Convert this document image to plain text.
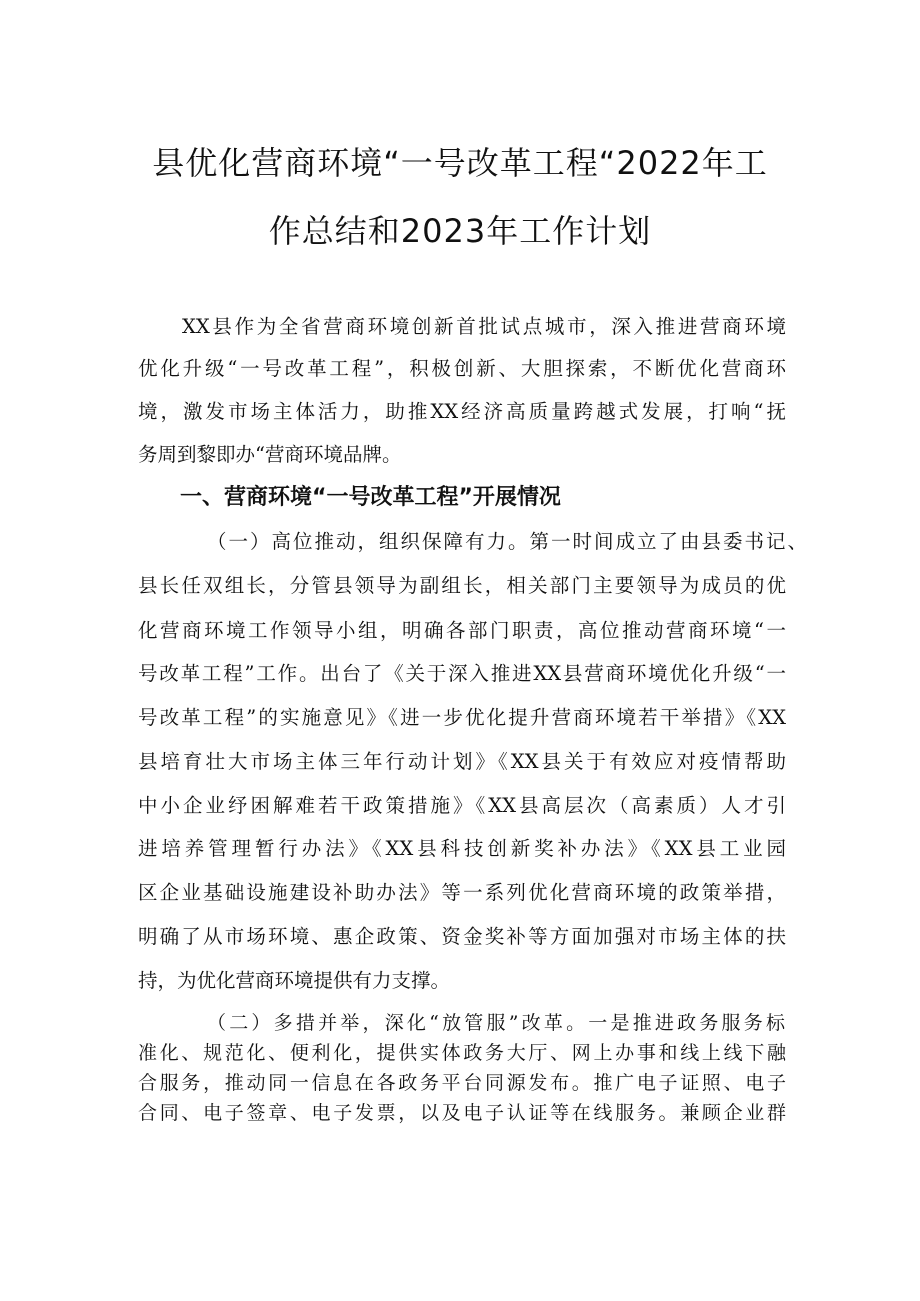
县优化营商环境“一号改革工程“2022年工
作总结和2023年工作计划
XX县作为全省营商环境创新首批试点城市，深入推进营商环境
优化升级“一号改革工程”，积极创新、大胆探索，不断优化营商环
境，激发市场主体活力，助推XX经济高质量跨越式发展，打响“抚
务周到黎即办“营商环境品牌。
一、营商环境“一号改革工程”开展情况
（一）高位推动，组织保障有力。第一时间成立了由县委书记、
县长任双组长，分管县领导为副组长，相关部门主要领导为成员的优
化营商环境工作领导小组，明确各部门职责，高位推动营商环境“一
号改革工程”工作。出台了《关于深入推进XX县营商环境优化升级“一
号改革工程”的实施意见》《进一步优化提升营商环境若干举措》《XX
县培育壮大市场主体三年行动计划》《XX县关于有效应对疫情帮助
中小企业纾困解难若干政策措施》《XX县高层次（高素质）人才引
进培养管理暂行办法》《XX县科技创新奖补办法》《XX县工业园
区企业基础设施建设补助办法》等一系列优化营商环境的政策举措，
明确了从市场环境、惠企政策、资金奖补等方面加强对市场主体的扶
持，为优化营商环境提供有力支撑。
（二）多措并举，深化“放管服”改革。一是推进政务服务标
准化、规范化、便利化，提供实体政务大厅、网上办事和线上线下融
合服务，推动同一信息在各政务平台同源发布。推广电子证照、电子
合同、电子签章、电子发票，以及电子认证等在线服务。兼顾企业群
